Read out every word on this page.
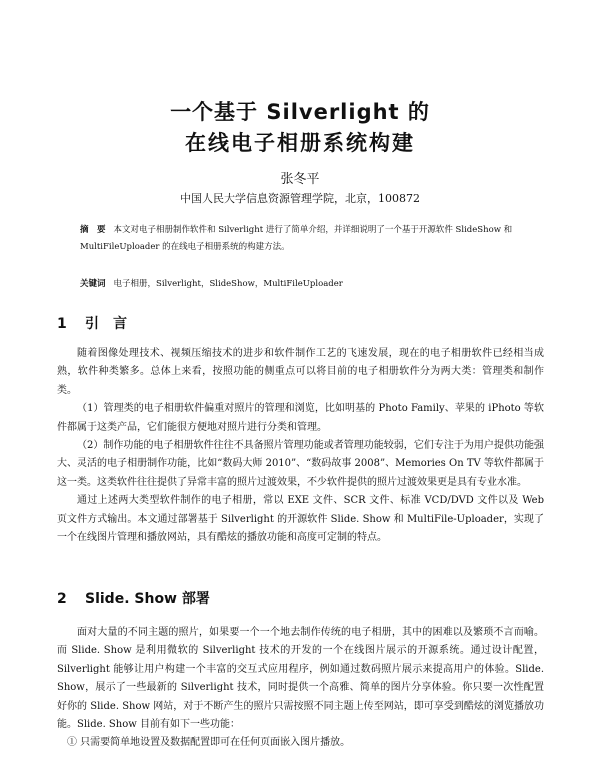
一个基于 Silverlight 的
在线电子相册系统构建
张冬平
中国人民大学信息资源管理学院，北京，100872
摘　要 本文对电子相册制作软件和 Silverlight 进行了简单介绍，并详细说明了一个基于开源软件 SlideShow 和 MultiFileUploader 的在线电子相册系统的构建方法。
关键词 电子相册，Silverlight，SlideShow，MultiFileUploader
1 引　言

随着图像处理技术、视频压缩技术的进步和软件制作工艺的飞速发展，现在的电子相册软件已经相当成熟，软件种类繁多。总体上来看，按照功能的侧重点可以将目前的电子相册软件分为两大类：管理类和制作类。

（1）管理类的电子相册软件偏重对照片的管理和浏览，比如明基的 Photo Family、苹果的 iPhoto 等软件都属于这类产品，它们能很方便地对照片进行分类和管理。

（2）制作功能的电子相册软件往往不具备照片管理功能或者管理功能较弱，它们专注于为用户提供功能强大、灵活的电子相册制作功能，比如“数码大师 2010”、“数码故事 2008”、Memories On TV 等软件都属于这一类。这类软件往往提供了异常丰富的照片过渡效果，不少软件提供的照片过渡效果更是具有专业水准。

通过上述两大类型软件制作的电子相册，常以 EXE 文件、SCR 文件、标准 VCD/DVD 文件以及 Web 页文件方式输出。本文通过部署基于 Silverlight 的开源软件 Slide. Show 和 MultiFile-Uploader，实现了一个在线图片管理和播放网站，具有酷炫的播放功能和高度可定制的特点。

2 Slide. Show 部署

面对大量的不同主题的照片，如果要一个一个地去制作传统的电子相册，其中的困难以及繁琐不言而喻。而 Slide. Show 是利用微软的 Silverlight 技术的开发的一个在线图片展示的开源系统。通过设计配置，Silverlight 能够让用户构建一个丰富的交互式应用程序，例如通过数码照片展示来提高用户的体验。Slide. Show，展示了一些最新的 Silverlight 技术，同时提供一个高雅、简单的图片分享体验。你只要一次性配置好你的 Slide. Show 网站，对于不断产生的照片只需按照不同主题上传至网站，即可享受到酷炫的浏览播放功能。Slide. Show 目前有如下一些功能：

① 只需要简单地设置及数据配置即可在任何页面嵌入图片播放。
